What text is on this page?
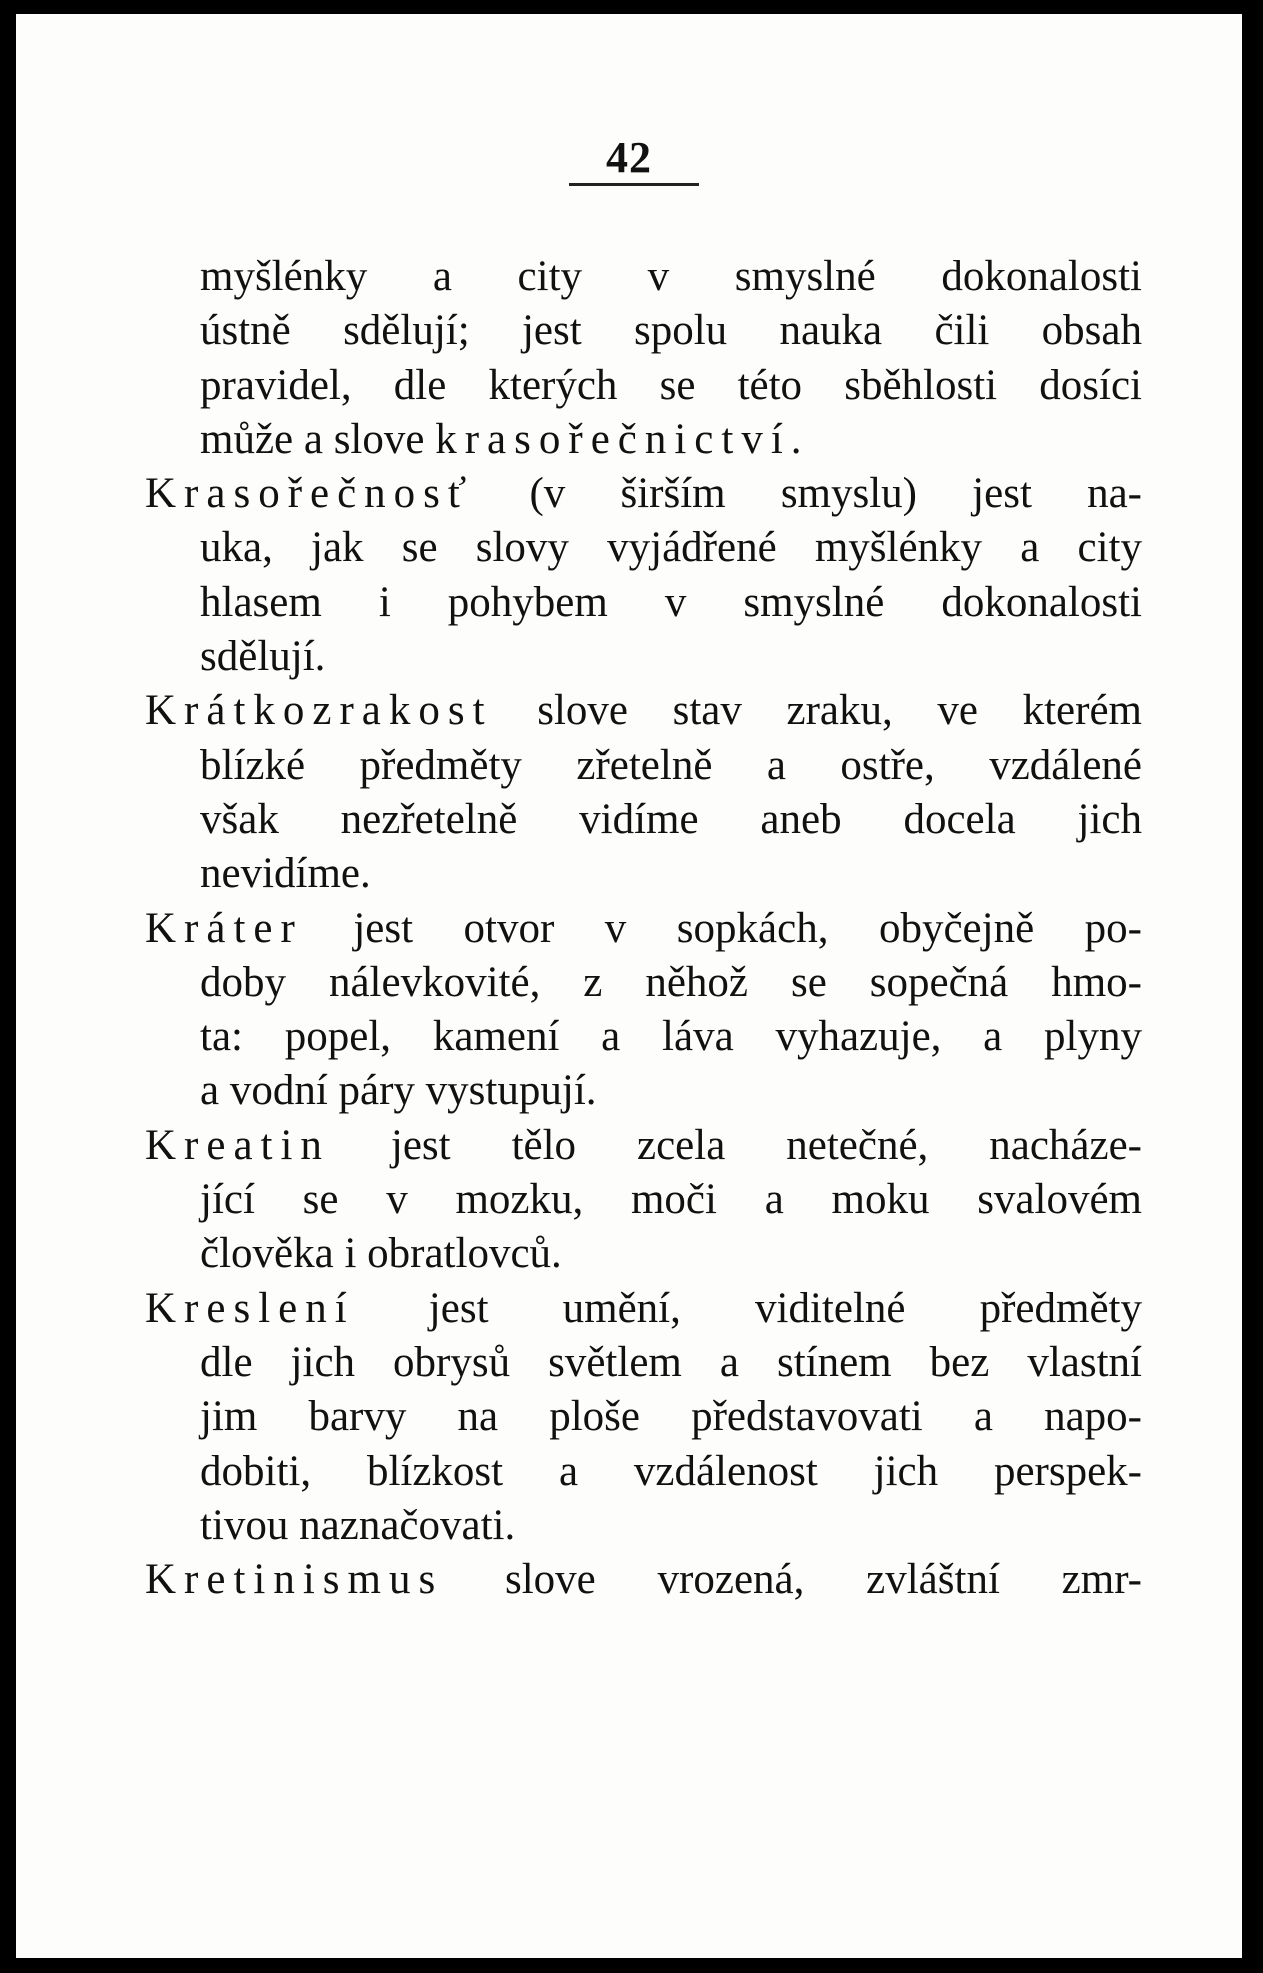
42
myšlénky a city v smyslné dokonalosti
ústně sdělují; jest spolu nauka čili obsah
pravidel, dle kterých se této sběhlosti dosíci
může a slove krasořečnictví.
Krasořečnosť (v širším smyslu) jest na-
uka, jak se slovy vyjádřené myšlénky a city
hlasem i pohybem v smyslné dokonalosti
sdělují.
Krátkozrakost slove stav zraku, ve kterém
blízké předměty zřetelně a ostře, vzdálené
však nezřetelně vidíme aneb docela jich
nevidíme.
Kráter jest otvor v sopkách, obyčejně po-
doby nálevkovité, z něhož se sopečná hmo-
ta: popel, kamení a láva vyhazuje, a plyny
a vodní páry vystupují.
Kreatin jest tělo zcela netečné, nacháze-
jící se v mozku, moči a moku svalovém
člověka i obratlovců.
Kreslení jest umění, viditelné předměty
dle jich obrysů světlem a stínem bez vlastní
jim barvy na ploše představovati a napo-
dobiti, blízkost a vzdálenost jich perspek-
tivou naznačovati.
Kretinismus slove vrozená, zvláštní zmr-
